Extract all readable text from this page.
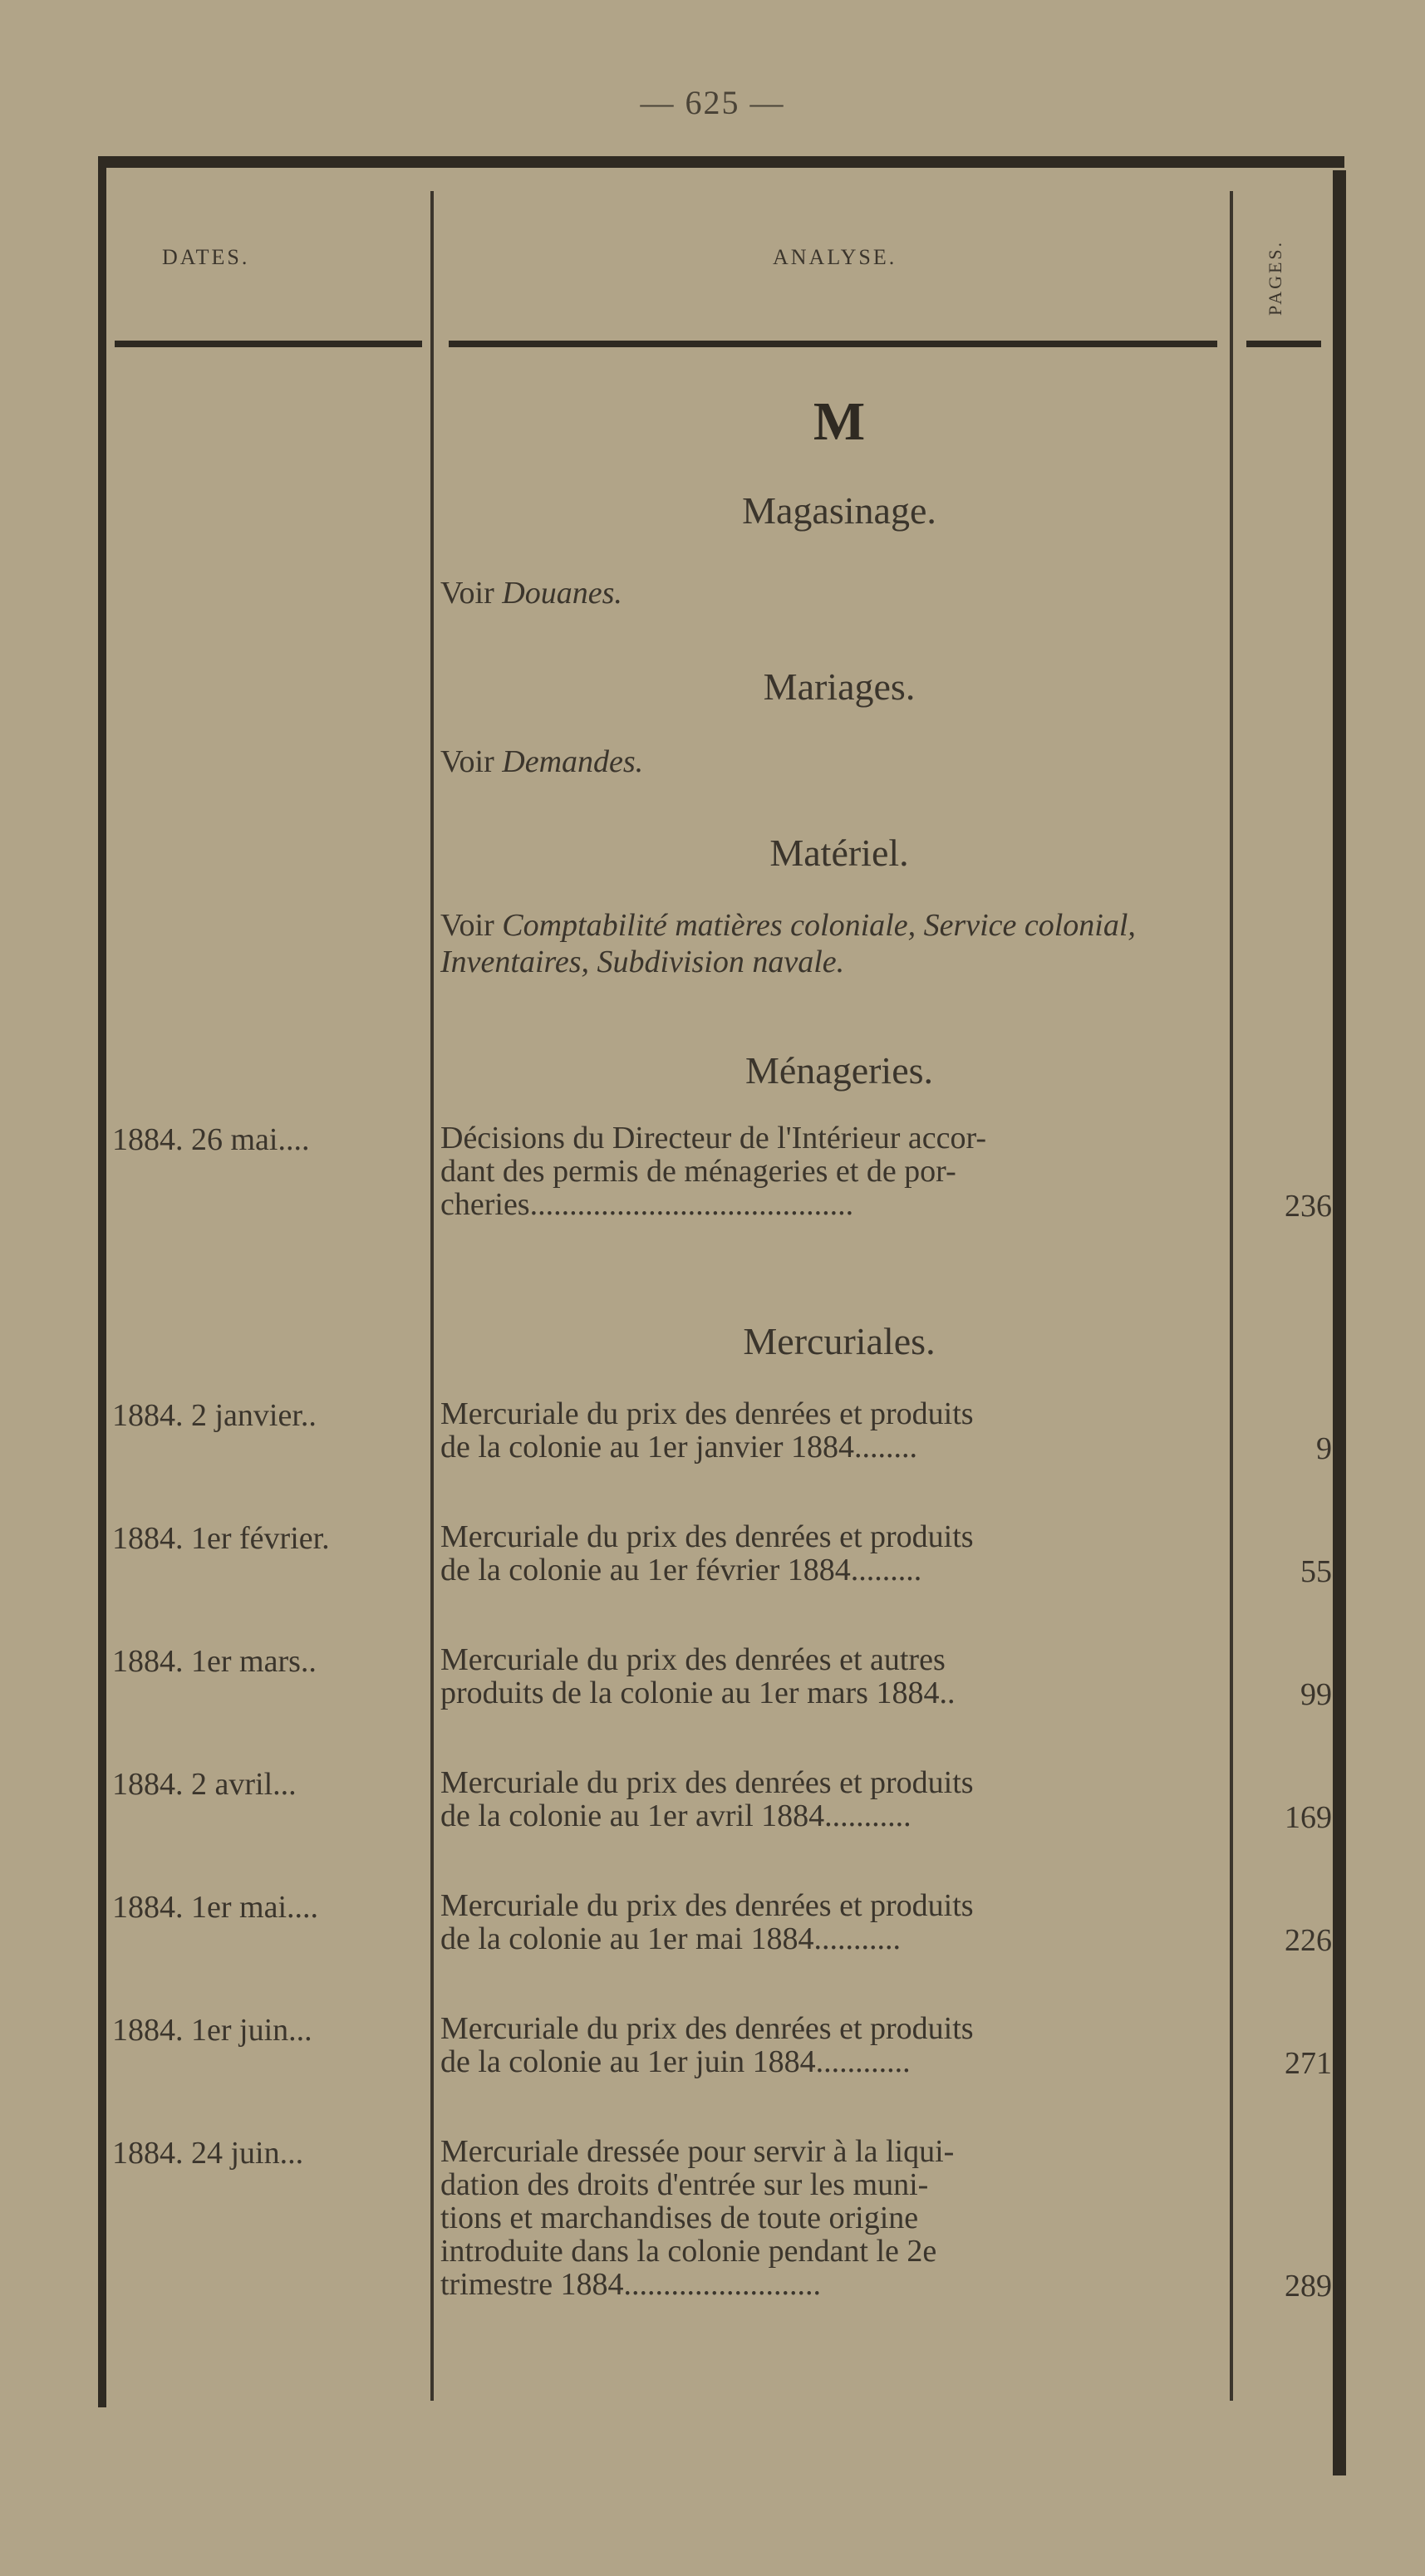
— 625 —
DATES.	ANALYSE.	PAGES.
M
Magasinage.
Voir Douanes.
Mariages.
Voir Demandes.
Matériel.
Voir Comptabilité matières coloniale, Service colonial, Inventaires, Subdivision navale.
Ménageries.
1884. 26 mai....	Décisions du Directeur de l'Intérieur accor-
dant des permis de ménageries et de por-
cheries.........................................	236
Mercuriales.
1884. 2 janvier..	Mercuriale du prix des denrées et produits
de la colonie au 1er janvier 1884........	9
1884. 1er février.	Mercuriale du prix des denrées et produits
de la colonie au 1er février 1884.........	55
1884. 1er mars..	Mercuriale du prix des denrées et autres
produits de la colonie au 1er mars 1884..	99
1884. 2 avril...	Mercuriale du prix des denrées et produits
de la colonie au 1er avril 1884...........	169
1884. 1er mai....	Mercuriale du prix des denrées et produits
de la colonie au 1er mai 1884...........	226
1884. 1er juin...	Mercuriale du prix des denrées et produits
de la colonie au 1er juin 1884............	271
1884. 24 juin...	Mercuriale dressée pour servir à la liqui-
dation des droits d'entrée sur les muni-
tions et marchandises de toute origine
introduite dans la colonie pendant le 2e
trimestre 1884.........................	289
